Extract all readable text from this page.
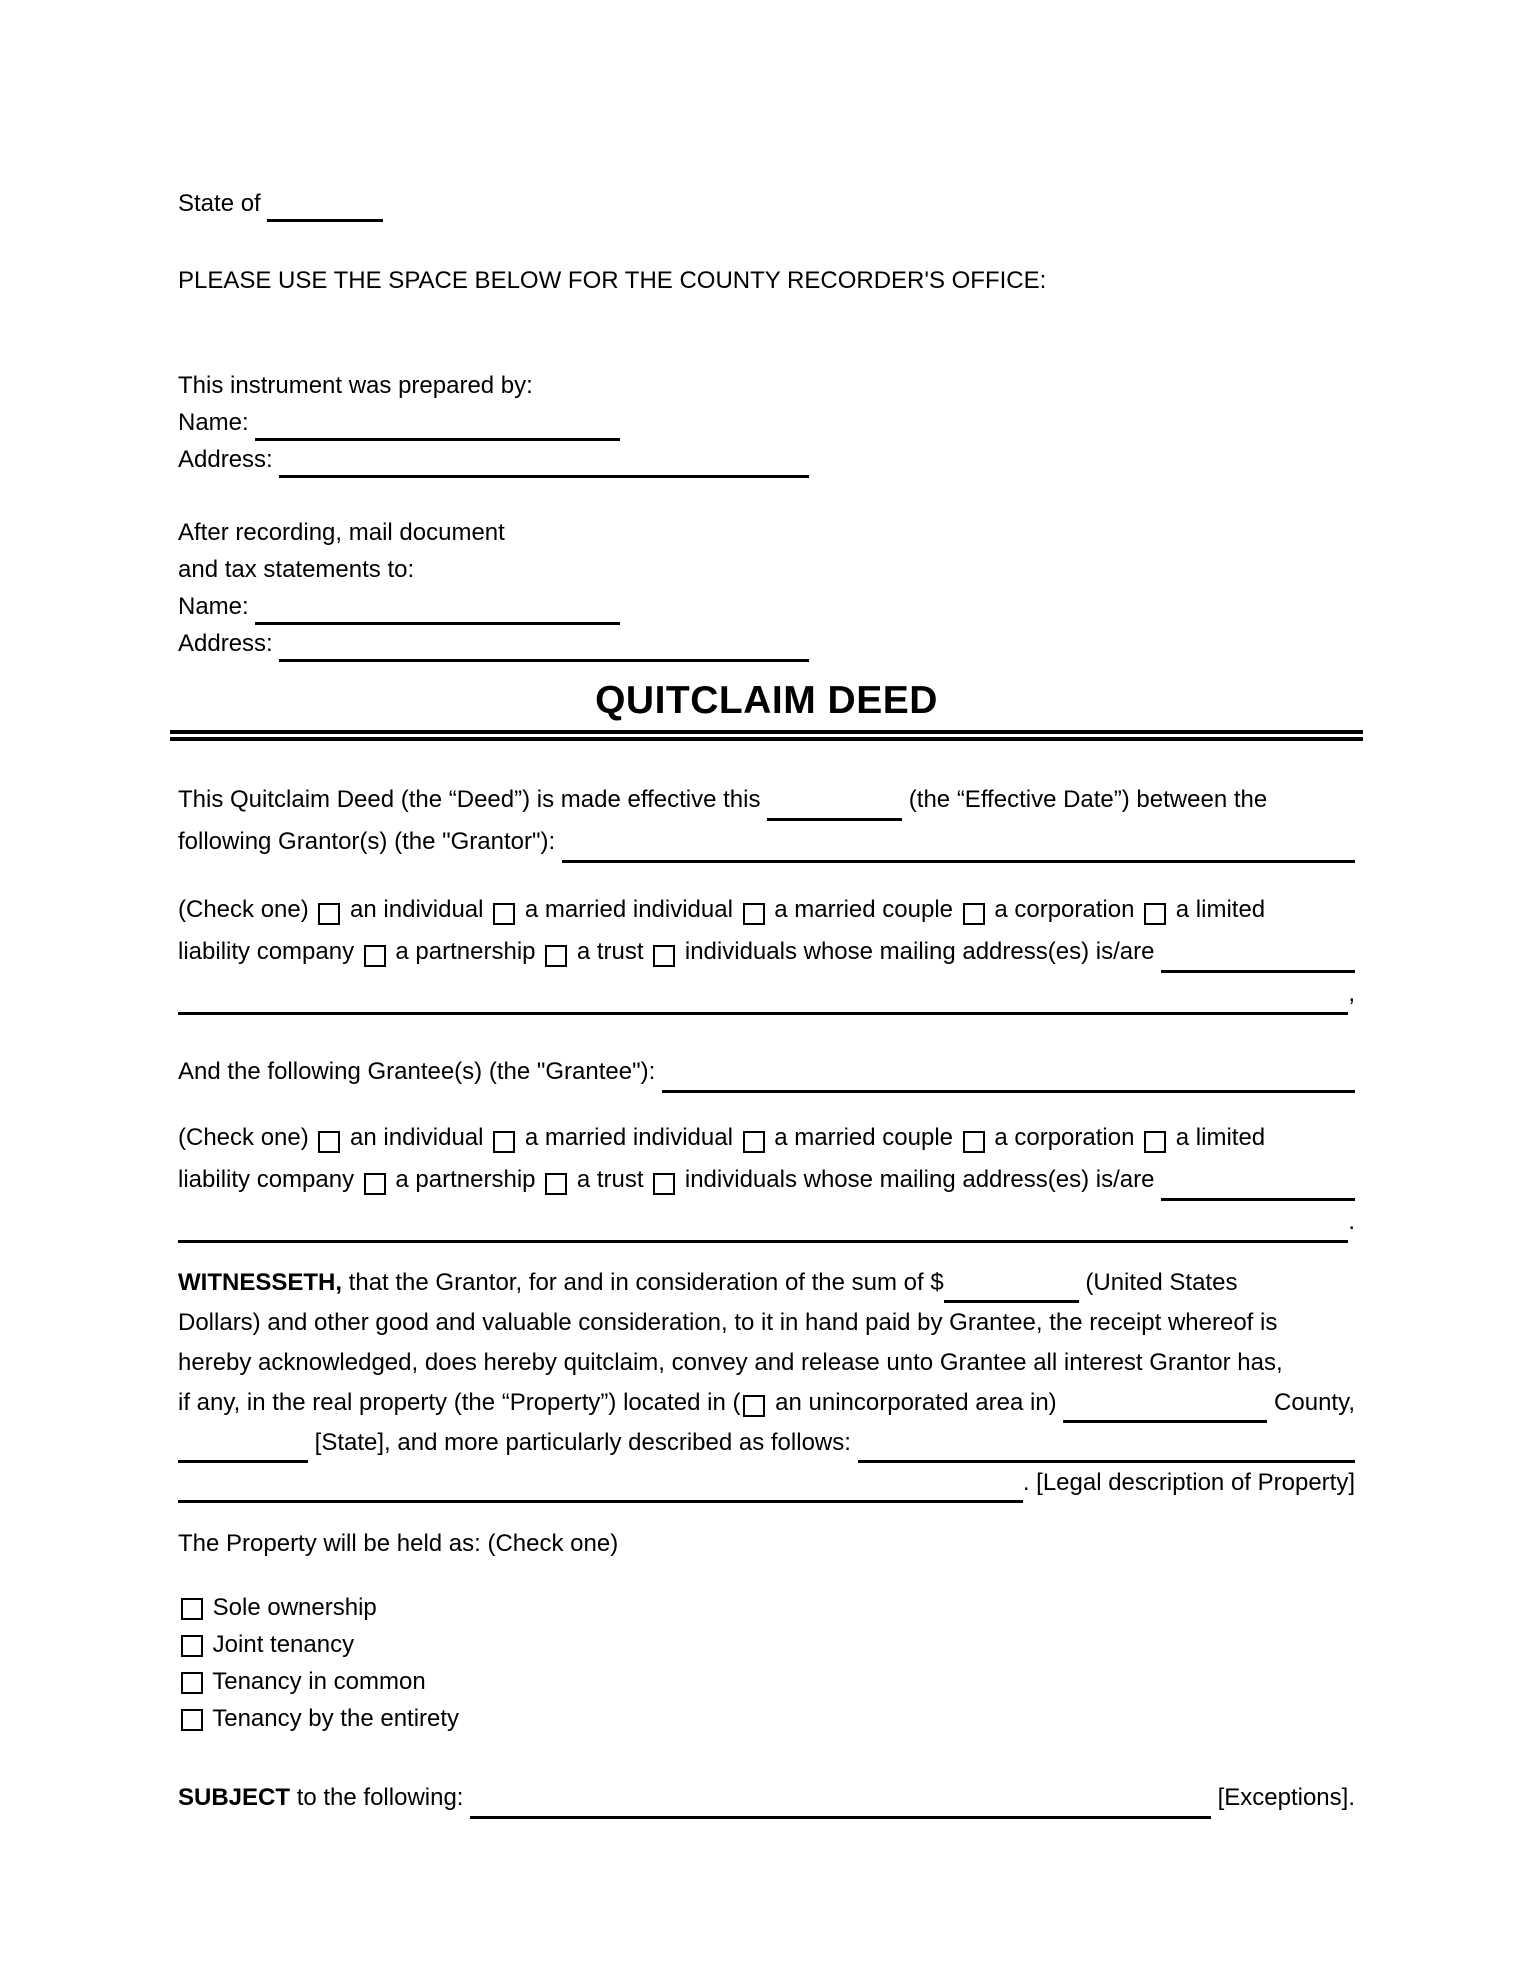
State of
PLEASE USE THE SPACE BELOW FOR THE COUNTY RECORDER'S OFFICE:
This instrument was prepared by:
Name:
Address:
After recording, mail document
and tax statements to:
Name:
Address:
QUITCLAIM DEED
This Quitclaim Deed (the “Deed”) is made effective this	(the “Effective Date”) between the
following Grantor(s) (the "Grantor"):
(Check one) an individual a married individual a married couple a corporation a limited
liability company a partnership a trust individuals whose mailing address(es) is/are
,
And the following Grantee(s) (the "Grantee"):
(Check one) an individual a married individual a married couple a corporation a limited
liability company a partnership a trust individuals whose mailing address(es) is/are
.
WITNESSETH, that the Grantor, for and in consideration of the sum of $	(United States
Dollars) and other good and valuable consideration, to it in hand paid by Grantee, the receipt whereof is
hereby acknowledged, does hereby quitclaim, convey and release unto Grantee all interest Grantor has,
if any, in the real property (the “Property”) located in ( an unincorporated area in)	County,
[State], and more particularly described as follows:
. [Legal description of Property]
The Property will be held as: (Check one)
Sole ownership
Joint tenancy
Tenancy in common
Tenancy by the entirety
SUBJECT to the following:	[Exceptions].
